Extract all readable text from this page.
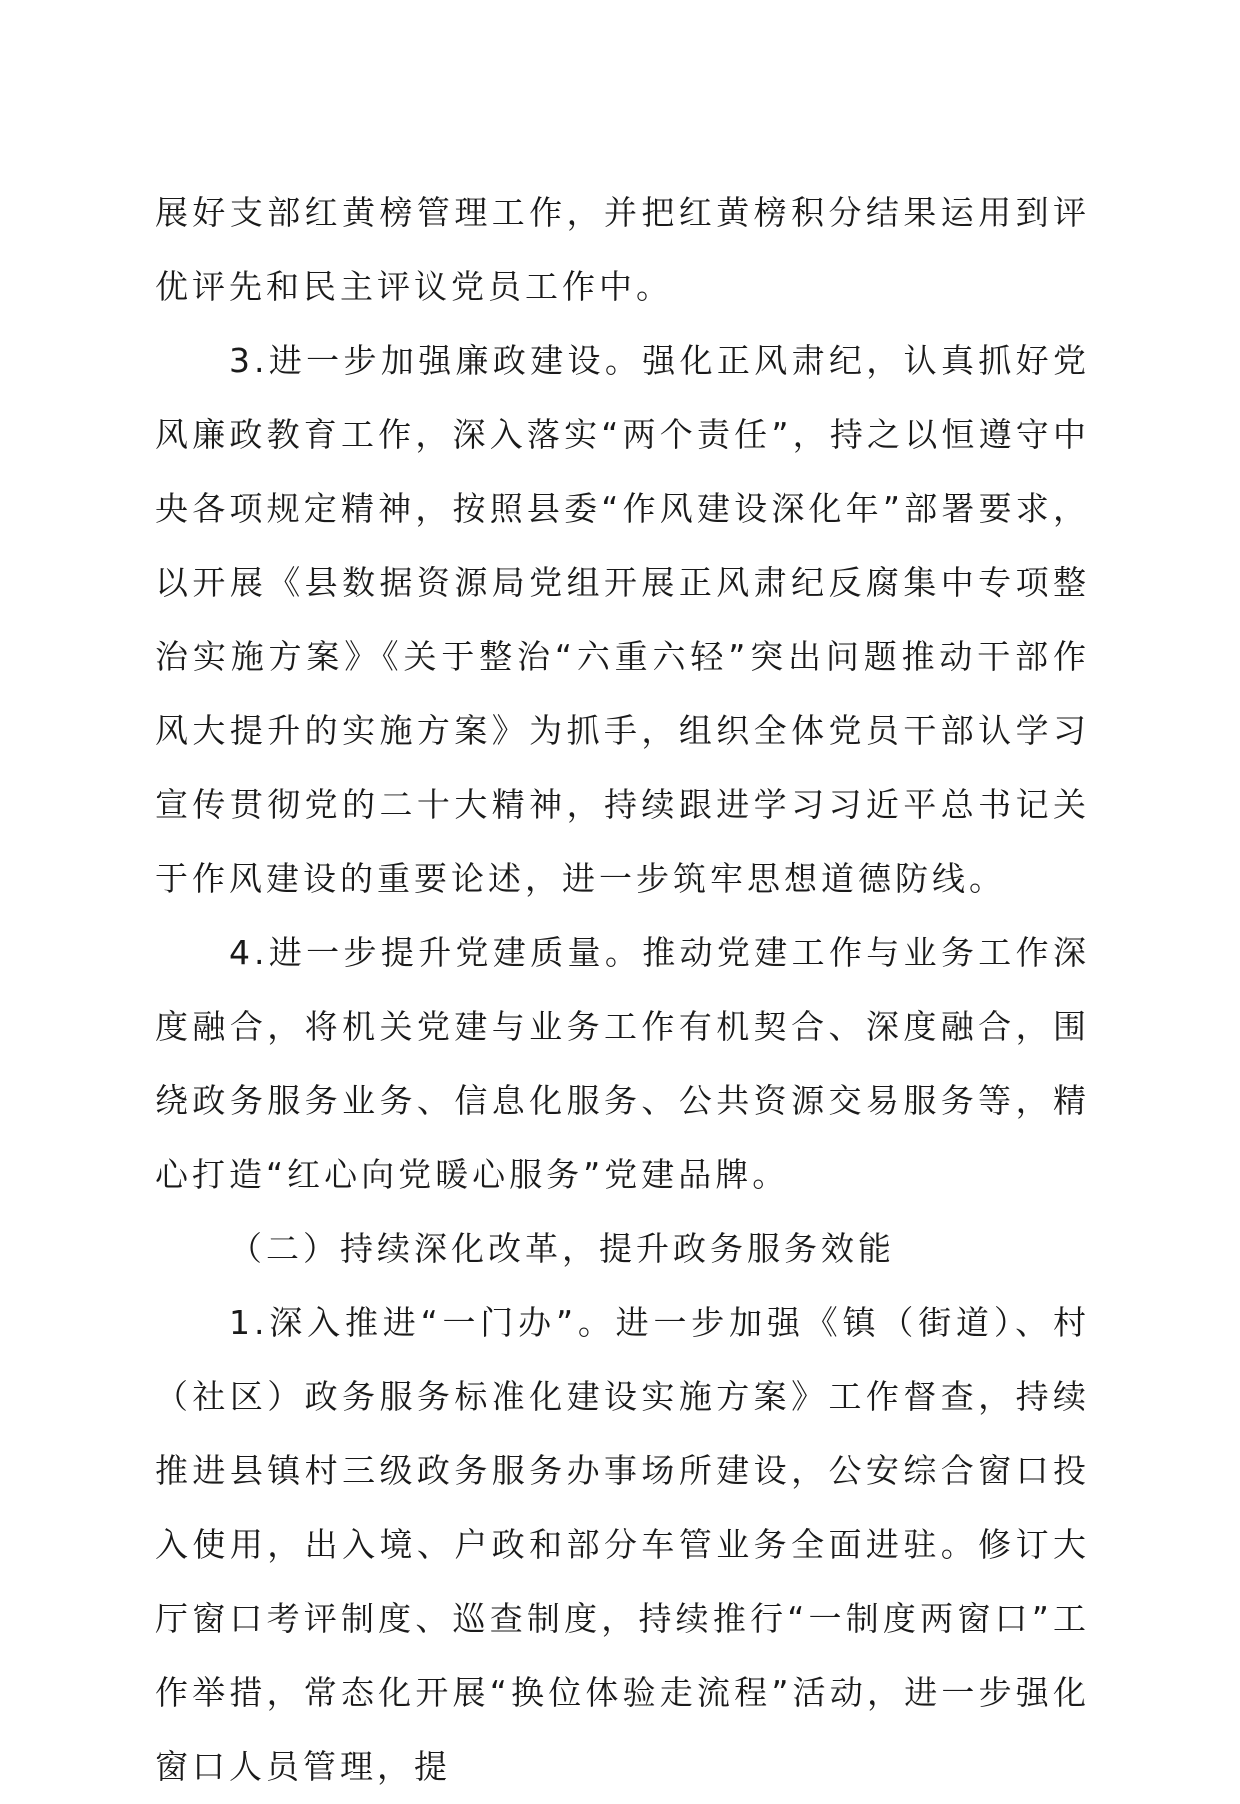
展好支部红黄榜管理工作，并把红黄榜积分结果运用到评优评先和民主评议党员工作中。

3.进一步加强廉政建设。强化正风肃纪，认真抓好党风廉政教育工作，深入落实“两个责任”，持之以恒遵守中央各项规定精神，按照县委“作风建设深化年”部署要求，以开展《县数据资源局党组开展正风肃纪反腐集中专项整治实施方案》《关于整治“六重六轻”突出问题推动干部作风大提升的实施方案》为抓手，组织全体党员干部认学习宣传贯彻党的二十大精神，持续跟进学习习近平总书记关于作风建设的重要论述，进一步筑牢思想道德防线。

4.进一步提升党建质量。推动党建工作与业务工作深度融合，将机关党建与业务工作有机契合、深度融合，围绕政务服务业务、信息化服务、公共资源交易服务等，精心打造“红心向党暖心服务”党建品牌。

（二）持续深化改革，提升政务服务效能

1.深入推进“一门办”。进一步加强《镇（街道）、村（社区）政务服务标准化建设实施方案》工作督查，持续推进县镇村三级政务服务办事场所建设，公安综合窗口投入使用，出入境、户政和部分车管业务全面进驻。修订大厅窗口考评制度、巡查制度，持续推行“一制度两窗口”工作举措，常态化开展“换位体验走流程”活动，进一步强化窗口人员管理，提
